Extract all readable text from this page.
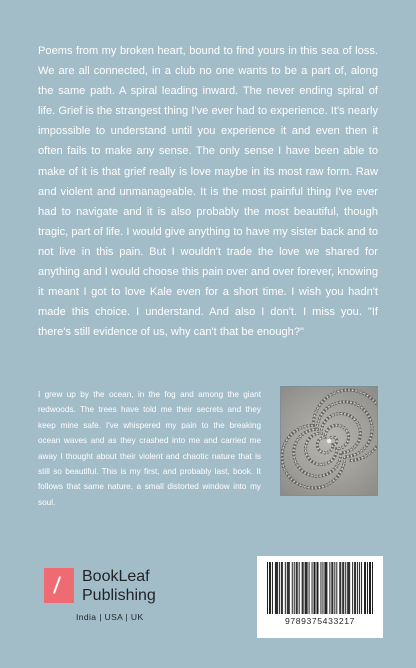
Poems from my broken heart, bound to find yours in this sea of loss. We are all connected, in a club no one wants to be a part of, along the same path. A spiral leading inward. The never ending spiral of life. Grief is the strangest thing I've ever had to experience. It's nearly impossible to understand until you experience it and even then it often fails to make any sense. The only sense I have been able to make of it is that grief really is love maybe in its most raw form. Raw and violent and unmanageable. It is the most painful thing I've ever had to navigate and it is also probably the most beautiful, though tragic, part of life. I would give anything to have my sister back and to not live in this pain. But I wouldn't trade the love we shared for anything and I would choose this pain over and over forever, knowing it meant I got to love Kale even for a short time. I wish you hadn't made this choice. I understand. And also I don't. I miss you. "If there's still evidence of us, why can't that be enough?"

I grew up by the ocean, in the fog and among the giant redwoods. The trees have told me their secrets and they keep mine safe. I've whispered my pain to the breaking ocean waves and as they crashed into me and carried me away I thought about their violent and chaotic nature that is still so beautiful. This is my first, and probably last, book. It follows that same nature, a small distorted window into my soul.

BookLeaf
Publishing
India | USA | UK	9789375433217
